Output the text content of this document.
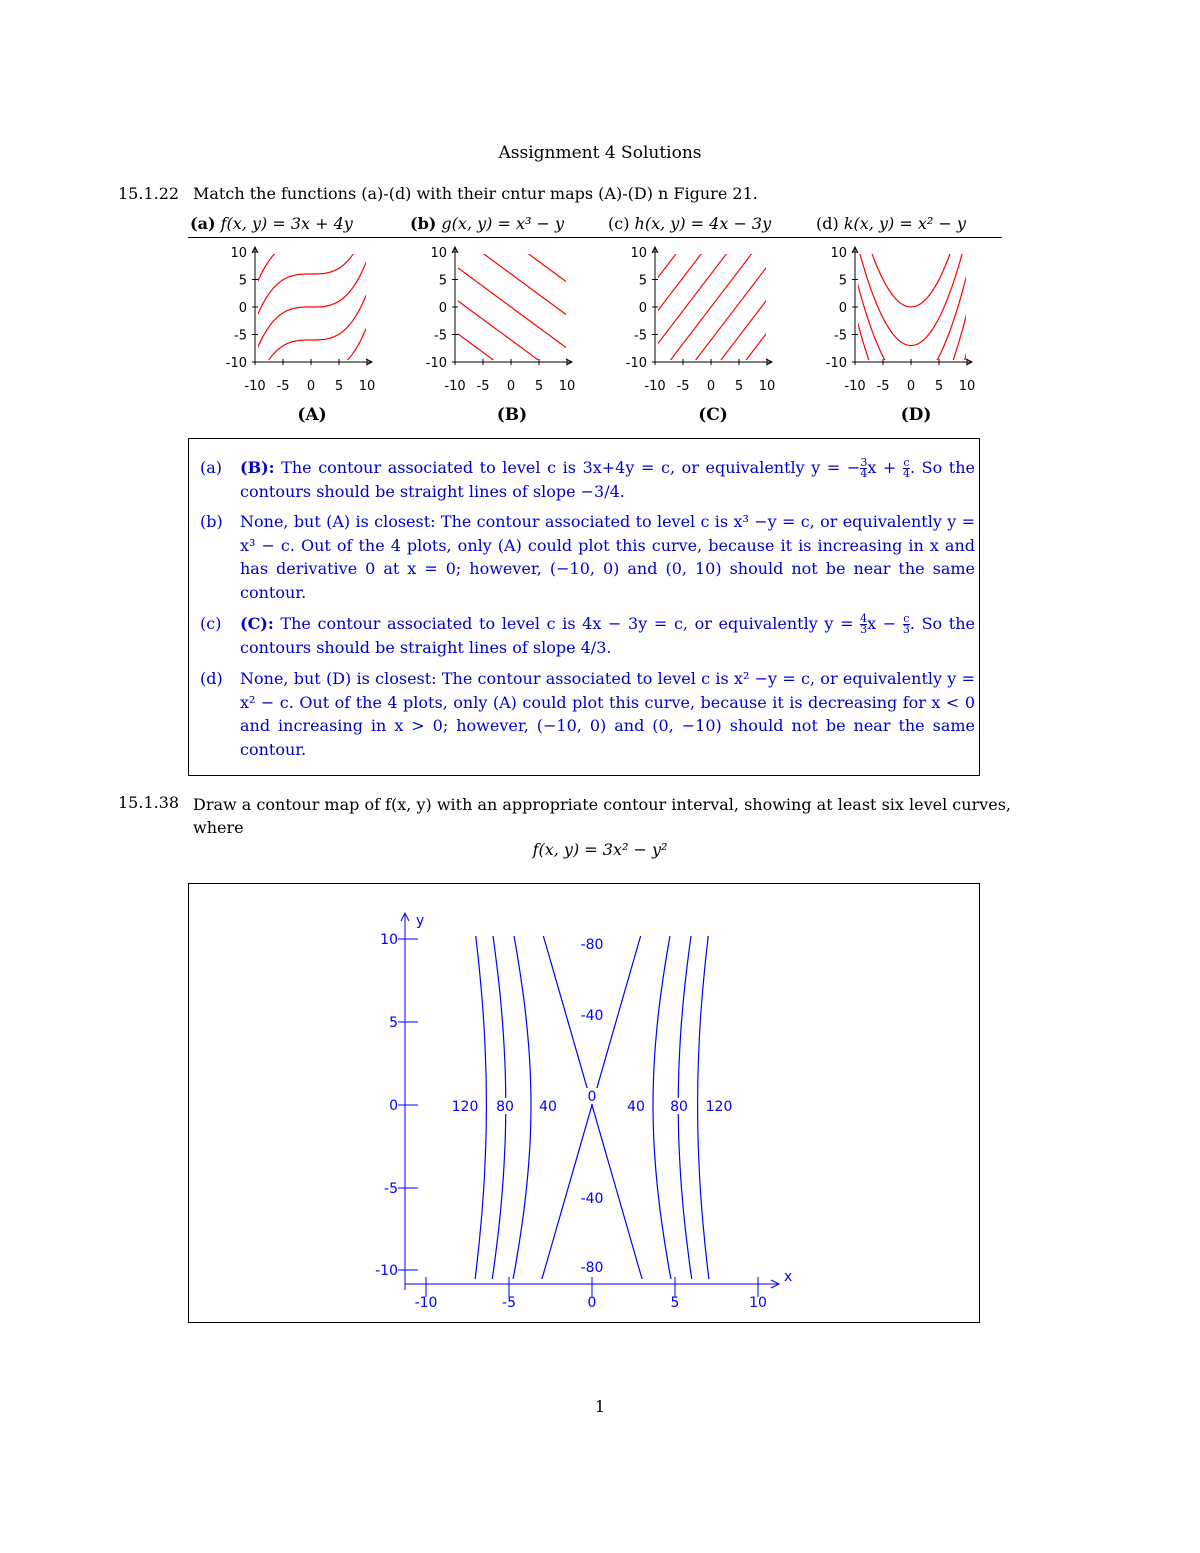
Assignment 4 Solutions
15.1.22 Match the functions (a)-(d) with their cntur maps (A)-(D) n Figure 21.
(a) f(x, y) = 3x + 4y	(b) g(x, y) = x³ − y	(c) h(x, y) = 4x − 3y	(d) k(x, y) = x² − y
-10
-5
0
5
10
-10 -5 0 5 10
-10
-5
0
5
10
-10 -5 0 5 10
-10
-5
0
5
10
-10 -5 0 5 10
-10
-5
0
5
10
-10 -5 0 5 10
(A)	(B)	(C)	(D)
(a) (B): The contour associated to level c is 3x+4y = c, or equivalently y = − $\frac{3}{4}$ $x + \frac{c}{4}$ . So the contours should be straight lines of slope −3/4.
(b) None, but (A) is closest: The contour associated to level c is x³ −y = c, or equivalently y = x³ − c. Out of the 4 plots, only (A) could plot this curve, because it is increasing in x and has derivative 0 at x = 0; however, (−10, 0) and (0, 10) should not be near the same contour.
(c) (C): The contour associated to level c is 4x − 3y = c, or equivalently $y = \frac{4}{3}$ $x - \frac{c}{3}$ . So the contours should be straight lines of slope 4/3.
(d) None, but (D) is closest: The contour associated to level c is x² −y = c, or equivalently y = x² − c. Out of the 4 plots, only (A) could plot this curve, because it is decreasing for x < 0 and increasing in x > 0; however, (−10, 0) and (0, −10) should not be near the same contour.
15.1.38 Draw a contour map of f(x, y) with an appropriate contour interval, showing at least six level curves, where
f(x, y) = 3x² − y²
y
x
10
5
0
-5
-10
-10	-5	0	5	10
-80
-40
0
40
80
120
-40
-80
40 80 120
1
